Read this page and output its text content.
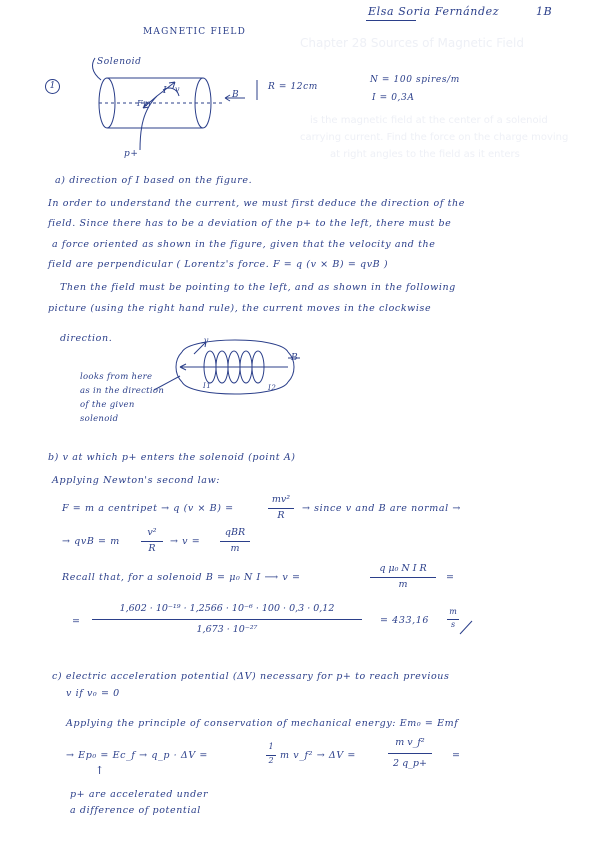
Chapter 28 Sources of Magnetic Field
is the magnetic field at the center of a solenoid
carrying current. Find the force on the charge moving
at right angles to the field as it enters
Elsa Soria Fernández	1B
MAGNETIC FIELD
1
Solenoid
I
Fm
v
B
p+
R = 12cm
N = 100 spires/m
I = 0,3A
a) direction of I based on the figure.
In order to understand the current, we must first deduce the direction of the
field. Since there has to be a deviation of the p+ to the left, there must be
a force oriented as shown in the figure, given that the velocity and the
field are perpendicular ( Lorentz's force. F = q (v × B) = qvB )
Then the field must be pointing to the left, and as shown in the following
picture (using the right hand rule), the current moves in the clockwise
direction.	v
B
I1	I2
looks from here
as in the direction
of the given
solenoid
b) v at which p+ enters the solenoid (point A)
Applying Newton's second law:
F = m a centripet → q (v × B) =
mv²
R
→ since v and B are normal →
→ qvB = m
v²
R
→ v =
qBR
m
Recall that, for a solenoid B = μ₀ N I ⟶ v =
q μ₀ N I R
m
=
=
1,602 · 10⁻¹⁹ · 1,2566 · 10⁻⁶ · 100 · 0,3 · 0,12
1,673 · 10⁻²⁷
= 433,16
m
s
c) electric acceleration potential (ΔV) necessary for p+ to reach previous
v if v₀ = 0
Applying the principle of conservation of mechanical energy: Em₀ = Emf
→ Ep₀ = Ec_f → q_p · ΔV =
1
2 m v_f² → ΔV =
m v_f²
2 q_p+
=
↑
p+ are accelerated under
a difference of potential
